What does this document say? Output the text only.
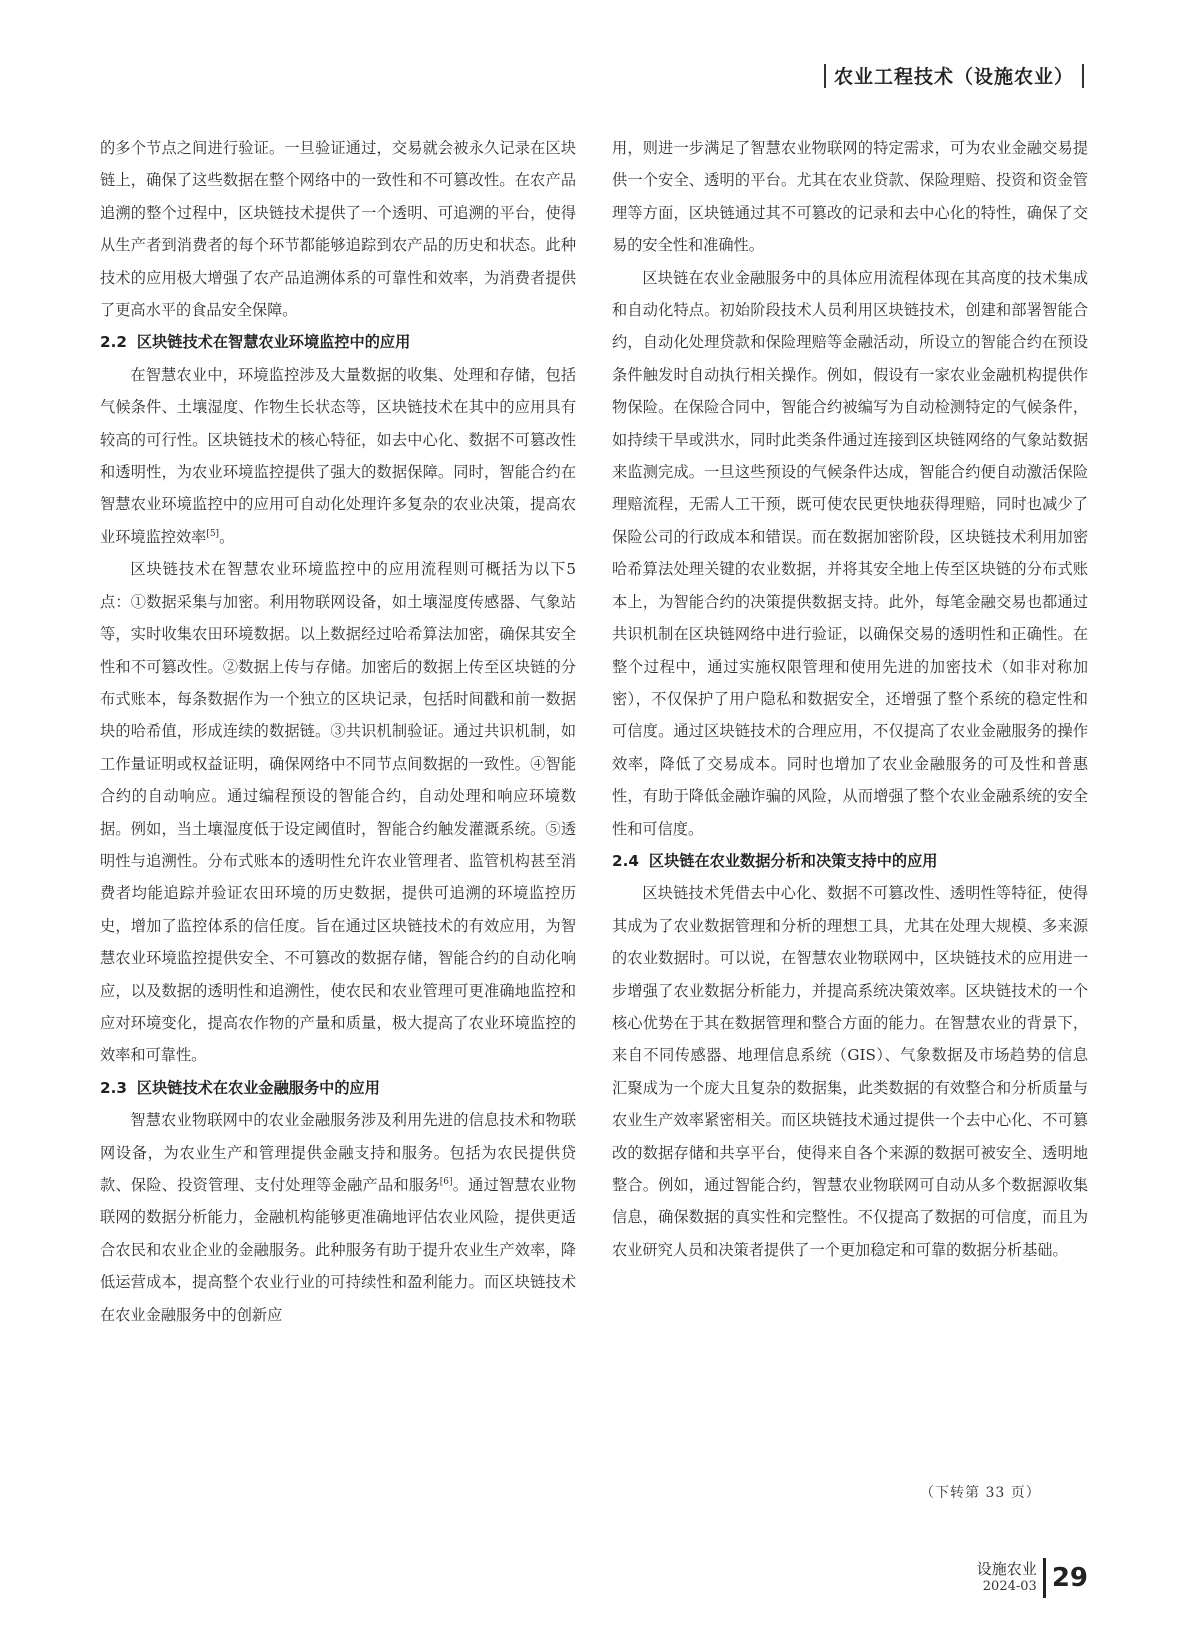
农业工程技术（设施农业）

的多个节点之间进行验证。一旦验证通过，交易就会被永久记录在区块链上，确保了这些数据在整个网络中的一致性和不可篡改性。在农产品追溯的整个过程中，区块链技术提供了一个透明、可追溯的平台，使得从生产者到消费者的每个环节都能够追踪到农产品的历史和状态。此种技术的应用极大增强了农产品追溯体系的可靠性和效率，为消费者提供了更高水平的食品安全保障。

2.2 区块链技术在智慧农业环境监控中的应用

在智慧农业中，环境监控涉及大量数据的收集、处理和存储，包括气候条件、土壤湿度、作物生长状态等，区块链技术在其中的应用具有较高的可行性。区块链技术的核心特征，如去中心化、数据不可篡改性和透明性，为农业环境监控提供了强大的数据保障。同时，智能合约在智慧农业环境监控中的应用可自动化处理许多复杂的农业决策，提高农业环境监控效率[5]。

区块链技术在智慧农业环境监控中的应用流程则可概括为以下5点：①数据采集与加密。利用物联网设备，如土壤湿度传感器、气象站等，实时收集农田环境数据。以上数据经过哈希算法加密，确保其安全性和不可篡改性。②数据上传与存储。加密后的数据上传至区块链的分布式账本，每条数据作为一个独立的区块记录，包括时间戳和前一数据块的哈希值，形成连续的数据链。③共识机制验证。通过共识机制，如工作量证明或权益证明，确保网络中不同节点间数据的一致性。④智能合约的自动响应。通过编程预设的智能合约，自动处理和响应环境数据。例如，当土壤湿度低于设定阈值时，智能合约触发灌溉系统。⑤透明性与追溯性。分布式账本的透明性允许农业管理者、监管机构甚至消费者均能追踪并验证农田环境的历史数据，提供可追溯的环境监控历史，增加了监控体系的信任度。旨在通过区块链技术的有效应用，为智慧农业环境监控提供安全、不可篡改的数据存储，智能合约的自动化响应，以及数据的透明性和追溯性，使农民和农业管理可更准确地监控和应对环境变化，提高农作物的产量和质量，极大提高了农业环境监控的效率和可靠性。

2.3 区块链技术在农业金融服务中的应用

智慧农业物联网中的农业金融服务涉及利用先进的信息技术和物联网设备，为农业生产和管理提供金融支持和服务。包括为农民提供贷款、保险、投资管理、支付处理等金融产品和服务[6]。通过智慧农业物联网的数据分析能力，金融机构能够更准确地评估农业风险，提供更适合农民和农业企业的金融服务。此种服务有助于提升农业生产效率，降低运营成本，提高整个农业行业的可持续性和盈利能力。而区块链技术在农业金融服务中的创新应

用，则进一步满足了智慧农业物联网的特定需求，可为农业金融交易提供一个安全、透明的平台。尤其在农业贷款、保险理赔、投资和资金管理等方面，区块链通过其不可篡改的记录和去中心化的特性，确保了交易的安全性和准确性。

区块链在农业金融服务中的具体应用流程体现在其高度的技术集成和自动化特点。初始阶段技术人员利用区块链技术，创建和部署智能合约，自动化处理贷款和保险理赔等金融活动，所设立的智能合约在预设条件触发时自动执行相关操作。例如，假设有一家农业金融机构提供作物保险。在保险合同中，智能合约被编写为自动检测特定的气候条件，如持续干旱或洪水，同时此类条件通过连接到区块链网络的气象站数据来监测完成。一旦这些预设的气候条件达成，智能合约便自动激活保险理赔流程，无需人工干预，既可使农民更快地获得理赔，同时也减少了保险公司的行政成本和错误。而在数据加密阶段，区块链技术利用加密哈希算法处理关键的农业数据，并将其安全地上传至区块链的分布式账本上，为智能合约的决策提供数据支持。此外，每笔金融交易也都通过共识机制在区块链网络中进行验证，以确保交易的透明性和正确性。在整个过程中，通过实施权限管理和使用先进的加密技术（如非对称加密），不仅保护了用户隐私和数据安全，还增强了整个系统的稳定性和可信度。通过区块链技术的合理应用，不仅提高了农业金融服务的操作效率，降低了交易成本。同时也增加了农业金融服务的可及性和普惠性，有助于降低金融诈骗的风险，从而增强了整个农业金融系统的安全性和可信度。

2.4 区块链在农业数据分析和决策支持中的应用

区块链技术凭借去中心化、数据不可篡改性、透明性等特征，使得其成为了农业数据管理和分析的理想工具，尤其在处理大规模、多来源的农业数据时。可以说，在智慧农业物联网中，区块链技术的应用进一步增强了农业数据分析能力，并提高系统决策效率。区块链技术的一个核心优势在于其在数据管理和整合方面的能力。在智慧农业的背景下，来自不同传感器、地理信息系统（GIS）、气象数据及市场趋势的信息汇聚成为一个庞大且复杂的数据集，此类数据的有效整合和分析质量与农业生产效率紧密相关。而区块链技术通过提供一个去中心化、不可篡改的数据存储和共享平台，使得来自各个来源的数据可被安全、透明地整合。例如，通过智能合约，智慧农业物联网可自动从多个数据源收集信息，确保数据的真实性和完整性。不仅提高了数据的可信度，而且为农业研究人员和决策者提供了一个更加稳定和可靠的数据分析基础。

（下转第 33 页）
设施农业
2024-03 29
